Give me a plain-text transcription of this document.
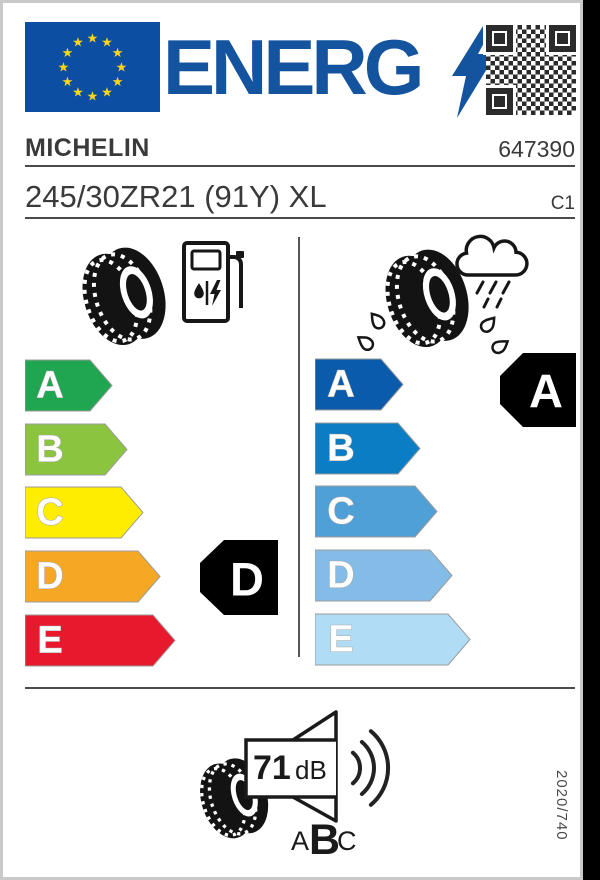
★ ★
★
★
★
★
★
★
★
★
★
★ ENERG
MICHELIN	647390
245/30ZR21 (91Y) XL	C1
A
B
C
D
E
D
A
B
C
D
E
A
71 dB
A B
C
2020/740
